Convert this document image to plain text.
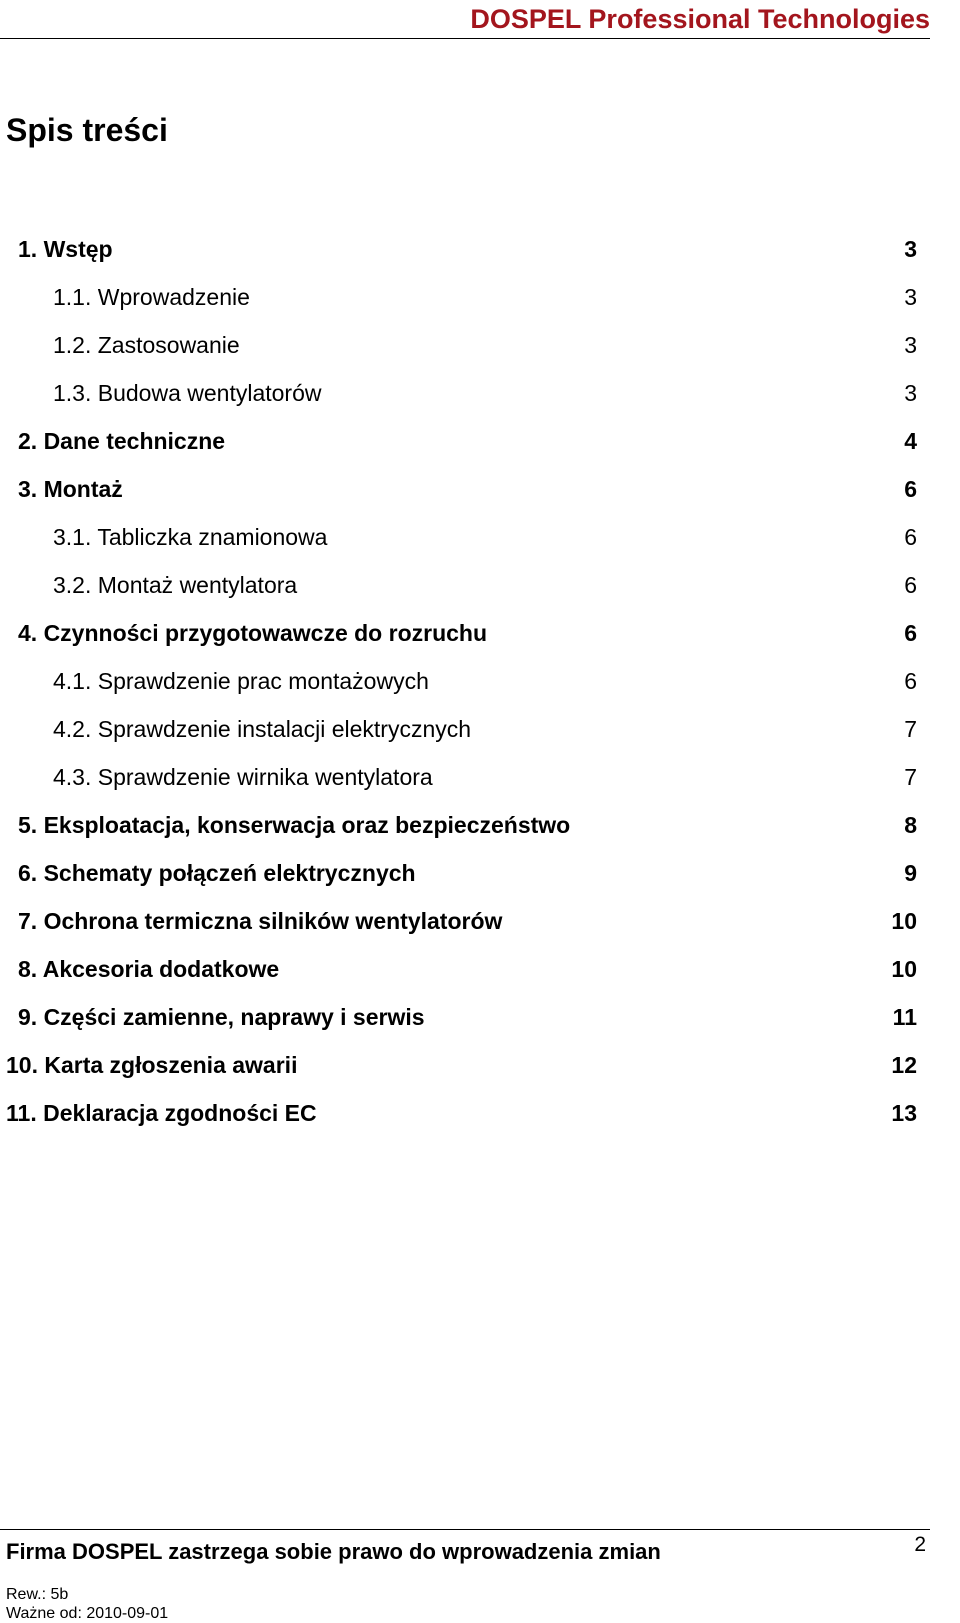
DOSPEL Professional Technologies
Spis treści
1. Wstęp	3
1.1. Wprowadzenie	3
1.2. Zastosowanie	3
1.3. Budowa wentylatorów	3
2. Dane techniczne	4
3. Montaż	6
3.1. Tabliczka znamionowa	6
3.2. Montaż wentylatora	6
4. Czynności przygotowawcze do rozruchu	6
4.1. Sprawdzenie prac montażowych	6
4.2. Sprawdzenie instalacji elektrycznych	7
4.3. Sprawdzenie wirnika wentylatora	7
5. Eksploatacja, konserwacja oraz bezpieczeństwo	8
6. Schematy połączeń elektrycznych	9
7. Ochrona termiczna silników wentylatorów	10
8. Akcesoria dodatkowe	10
9. Części zamienne, naprawy i serwis	11
10. Karta zgłoszenia awarii	12
11. Deklaracja zgodności EC	13
Firma DOSPEL zastrzega sobie prawo do wprowadzenia zmian	2
Rew.: 5b
Ważne od: 2010-09-01
